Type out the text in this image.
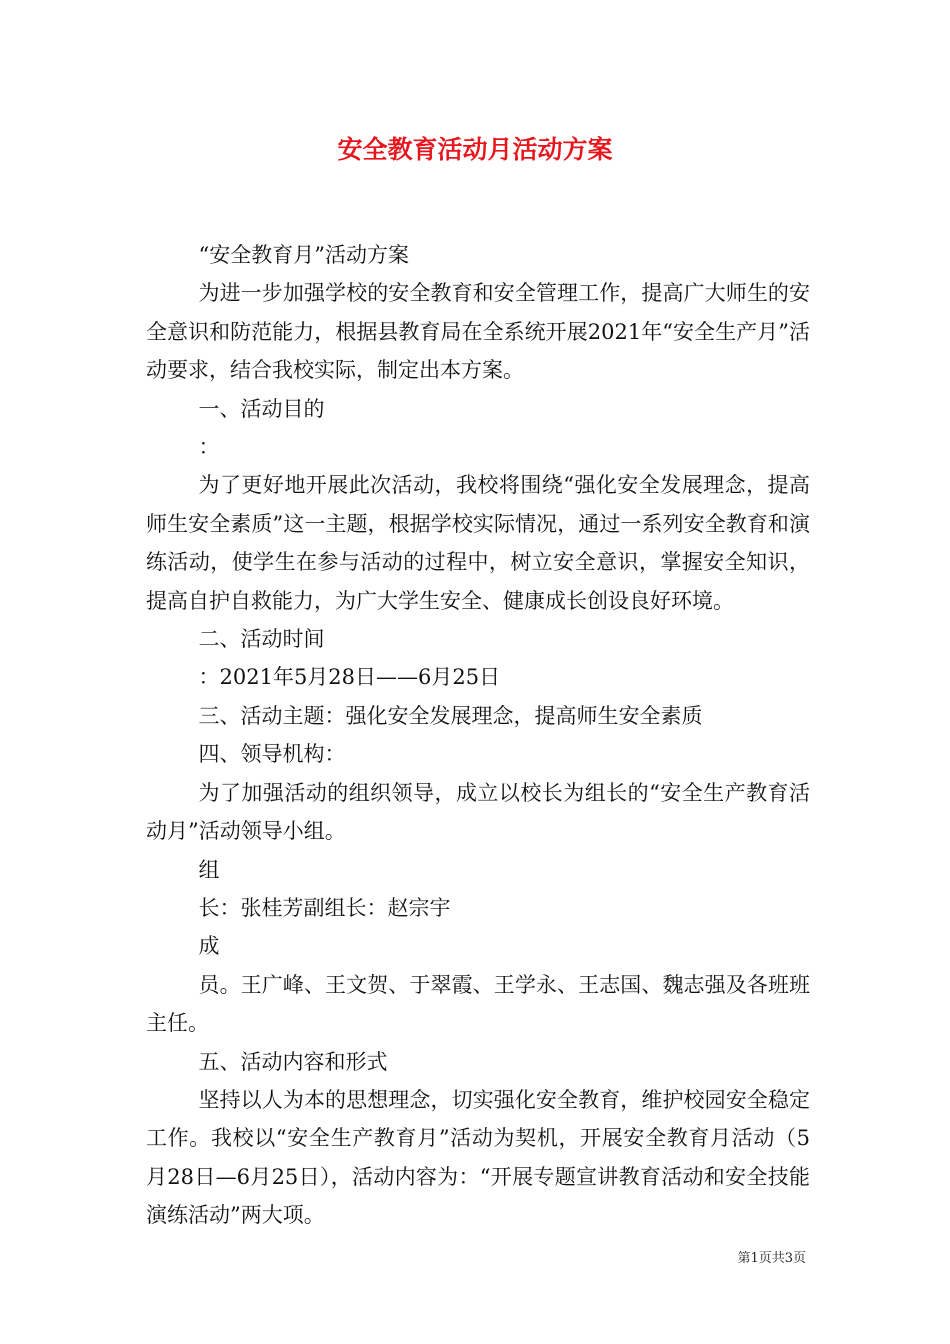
安全教育活动月活动方案

“安全教育月”活动方案

为进一步加强学校的安全教育和安全管理工作，提高广大师生的安全意识和防范能力，根据县教育局在全系统开展2021年“安全生产月”活动要求，结合我校实际，制定出本方案。

一、活动目的

：

为了更好地开展此次活动，我校将围绕“强化安全发展理念，提高师生安全素质”这一主题，根据学校实际情况，通过一系列安全教育和演练活动，使学生在参与活动的过程中，树立安全意识，掌握安全知识，提高自护自救能力，为广大学生安全、健康成长创设良好环境。

二、活动时间

：2021年5月28日——6月25日

三、活动主题：强化安全发展理念，提高师生安全素质

四、领导机构：

为了加强活动的组织领导，成立以校长为组长的“安全生产教育活动月”活动领导小组。

组

长：张桂芳副组长：赵宗宇

成

员。王广峰、王文贺、于翠霞、王学永、王志国、魏志强及各班班主任。

五、活动内容和形式

坚持以人为本的思想理念，切实强化安全教育，维护校园安全稳定工作。我校以“安全生产教育月”活动为契机，开展安全教育月活动（5月28日—6月25日），活动内容为：“开展专题宣讲教育活动和安全技能演练活动”两大项。

第1页共3页
